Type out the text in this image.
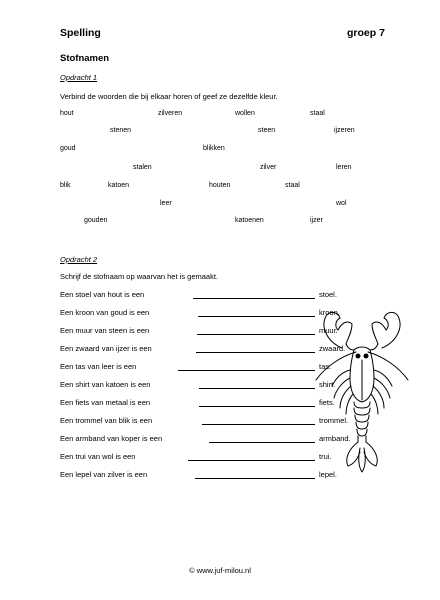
Spelling	groep 7
Stofnamen
Opdracht 1
Verbind de woorden die bij elkaar horen of geef ze dezelfde kleur.
hout	zilveren	wollen	staal
stenen	steen	ijzeren
goud	blikken
stalen	zilver	leren
blik	katoen	houten	staal
leer	wol
gouden	katoenen	ijzer
Opdracht 2
Schrijf de stofnaam op waarvan het is gemaakt.
Een stoel van hout is een	stoel.
Een kroon van goud is een	kroon.
Een muur van steen is een	muur.
Een zwaard van ijzer is een	zwaard.
Een tas van leer is een	tas.
Een shirt van katoen is een	shirt.
Een fiets van metaal is een	fiets.
Een trommel van blik is een	trommel.
Een armband van koper is een	armband.
Een trui van wol is een	trui.
Een lepel van zilver is een	lepel.
© www.juf-milou.nl
